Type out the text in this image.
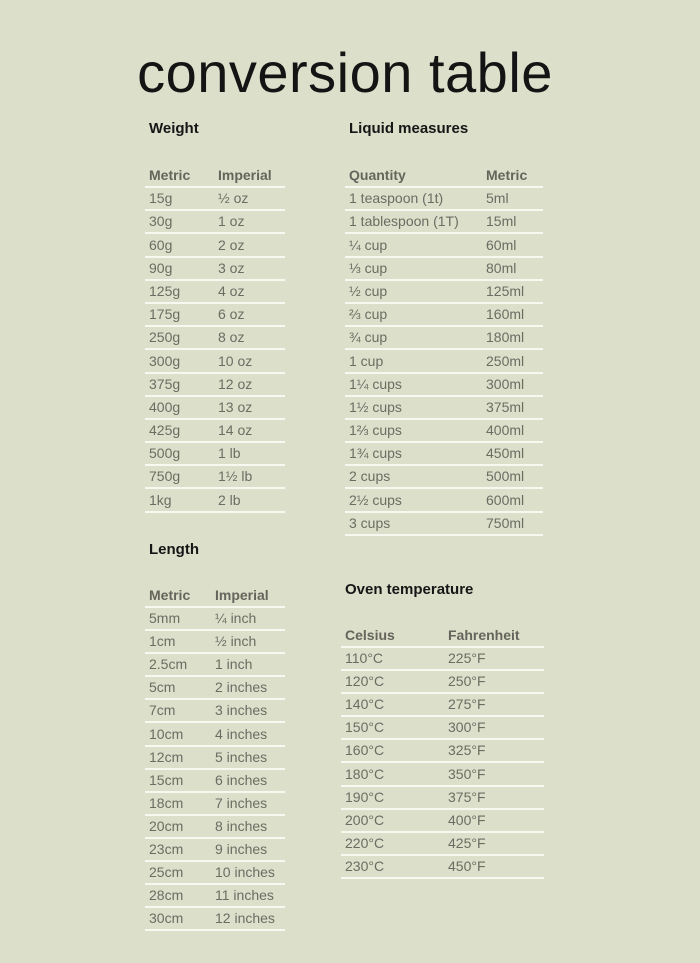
conversion table
Weight
Metric Imperial
15g	½ oz
30g	1 oz
60g	2 oz
90g	3 oz
125g	4 oz
175g	6 oz
250g	8 oz
300g	10 oz
375g	12 oz
400g	13 oz
425g	14 oz
500g	1 lb
750g	1½ lb
1kg	2 lb
Liquid measures
Quantity	Metric
1 teaspoon (1t)	5ml
1 tablespoon (1T) 15ml
¼ cup	60ml
⅓ cup	80ml
½ cup	125ml
⅔ cup	160ml
¾ cup	180ml
1 cup	250ml
1¼ cups	300ml
1½ cups	375ml
1⅔ cups	400ml
1¾ cups	450ml
2 cups	500ml
2½ cups	600ml
3 cups	750ml
Length
Metric Imperial
5mm ¼ inch
1cm	½ inch
2.5cm 1 inch
5cm	2 inches
7cm	3 inches
10cm 4 inches
12cm 5 inches
15cm 6 inches
18cm 7 inches
20cm 8 inches
23cm 9 inches
25cm 10 inches
28cm 11 inches
30cm 12 inches
Oven temperature
Celsius	Fahrenheit
110°C	225°F
120°C	250°F
140°C	275°F
150°C	300°F
160°C	325°F
180°C	350°F
190°C	375°F
200°C	400°F
220°C	425°F
230°C	450°F
